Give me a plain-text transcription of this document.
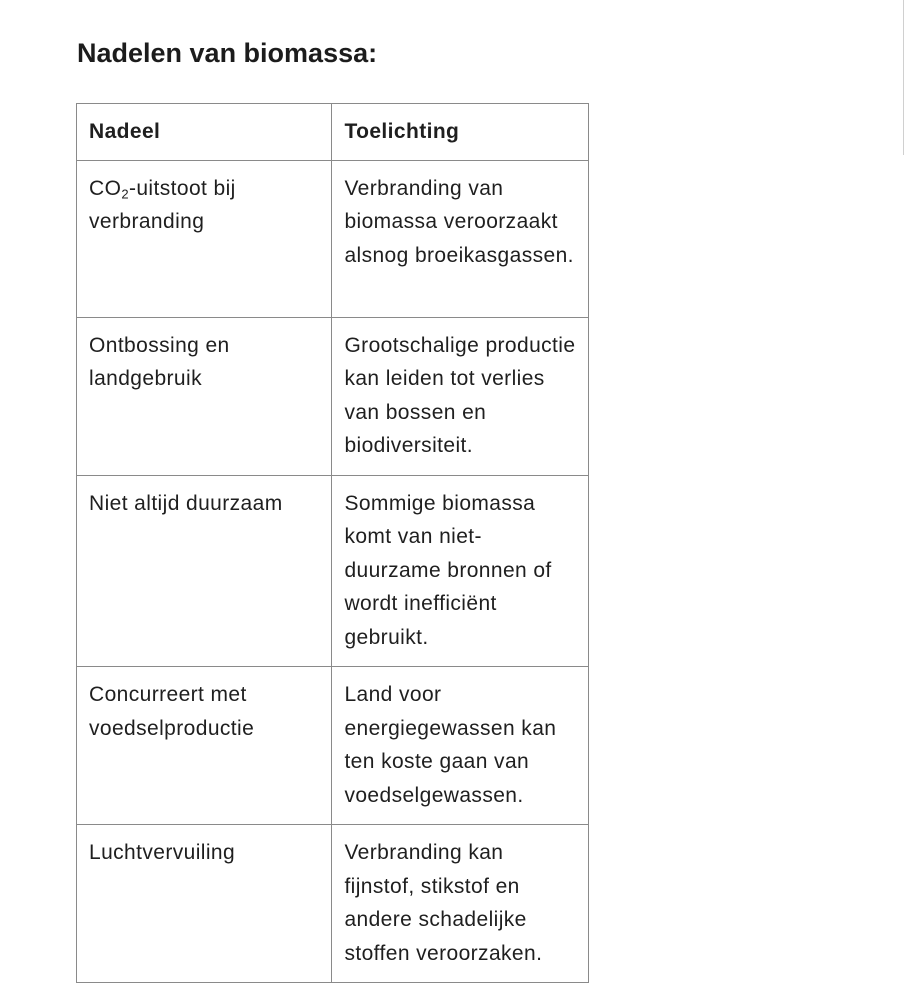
Nadelen van biomassa:
Nadeel	Toelichting
$CO_2$-uitstoot bij verbranding	Verbranding van biomassa veroorzaakt alsnog broeikasgassen.
Ontbossing en landgebruik	Grootschalige productie kan leiden tot verlies van bossen en biodiversiteit.
Niet altijd duurzaam	Sommige biomassa komt van niet-duurzame bronnen of wordt inefficiënt gebruikt.
Concurreert met voedselproductie	Land voor energiegewassen kan ten koste gaan van voedselgewassen.
Luchtvervuiling	Verbranding kan fijnstof, stikstof en andere schadelijke stoffen veroorzaken.
